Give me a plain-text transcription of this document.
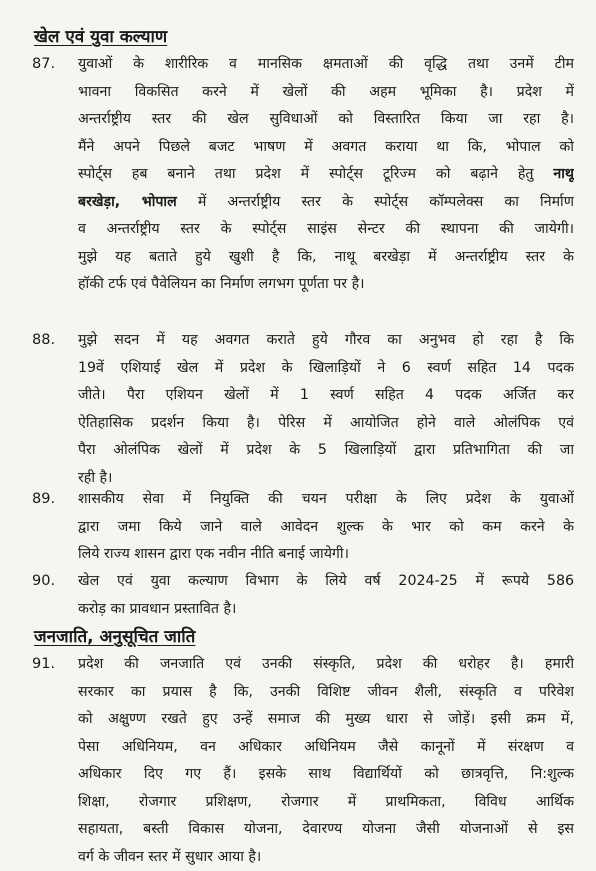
खेल एवं युवा कल्याण
87. युवाओं के शारीरिक व मानसिक क्षमताओं की वृद्धि तथा उनमें टीम
भावना विकसित करने में खेलों की अहम भूमिका है। प्रदेश में
अन्तर्राष्ट्रीय स्तर की खेल सुविधाओं को विस्तारित किया जा रहा है।
मैंने अपने पिछले बजट भाषण में अवगत कराया था कि, भोपाल को
स्पोर्ट्स हब बनाने तथा प्रदेश में स्पोर्ट्स टूरिज्म को बढ़ाने हेतु नाथू
बरखेड़ा, भोपाल में अन्तर्राष्ट्रीय स्तर के स्पोर्ट्स कॉम्पलेक्स का निर्माण
व अन्तर्राष्ट्रीय स्तर के स्पोर्ट्स साइंस सेन्टर की स्थापना की जायेगी।
मुझे यह बताते हुये खुशी है कि, नाथू बरखेड़ा में अन्तर्राष्ट्रीय स्तर के
हॉकी टर्फ एवं पैवेलियन का निर्माण लगभग पूर्णता पर है।
88. मुझे सदन में यह अवगत कराते हुये गौरव का अनुभव हो रहा है कि
19वें एशियाई खेल में प्रदेश के खिलाड़ियों ने 6 स्वर्ण सहित 14 पदक
जीते। पैरा एशियन खेलों में 1 स्वर्ण सहित 4 पदक अर्जित कर
ऐतिहासिक प्रदर्शन किया है। पेरिस में आयोजित होने वाले ओलंपिक एवं
पैरा ओलंपिक खेलों में प्रदेश के 5 खिलाड़ियों द्वारा प्रतिभागिता की जा
रही है।
89. शासकीय सेवा में नियुक्ति की चयन परीक्षा के लिए प्रदेश के युवाओं
द्वारा जमा किये जाने वाले आवेदन शुल्क के भार को कम करने के
लिये राज्य शासन द्वारा एक नवीन नीति बनाई जायेगी।
90. खेल एवं युवा कल्याण विभाग के लिये वर्ष 2024-25 में रूपये 586
करोड़ का प्रावधान प्रस्तावित है।
जनजाति, अनुसूचित जाति
91. प्रदेश की जनजाति एवं उनकी संस्कृति, प्रदेश की धरोहर है। हमारी
सरकार का प्रयास है कि, उनकी विशिष्ट जीवन शैली, संस्कृति व परिवेश
को अक्षुण्ण रखते हुए उन्हें समाज की मुख्य धारा से जोड़ें। इसी क्रम में,
पेसा अधिनियम, वन अधिकार अधिनियम जैसे कानूनों में संरक्षण व
अधिकार दिए गए हैं। इसके साथ विद्यार्थियों को छात्रवृत्ति, नि:शुल्क
शिक्षा, रोजगार प्रशिक्षण, रोजगार में प्राथमिकता, विविध आर्थिक
सहायता, बस्ती विकास योजना, देवारण्य योजना जैसी योजनाओं से इस
वर्ग के जीवन स्तर में सुधार आया है।
